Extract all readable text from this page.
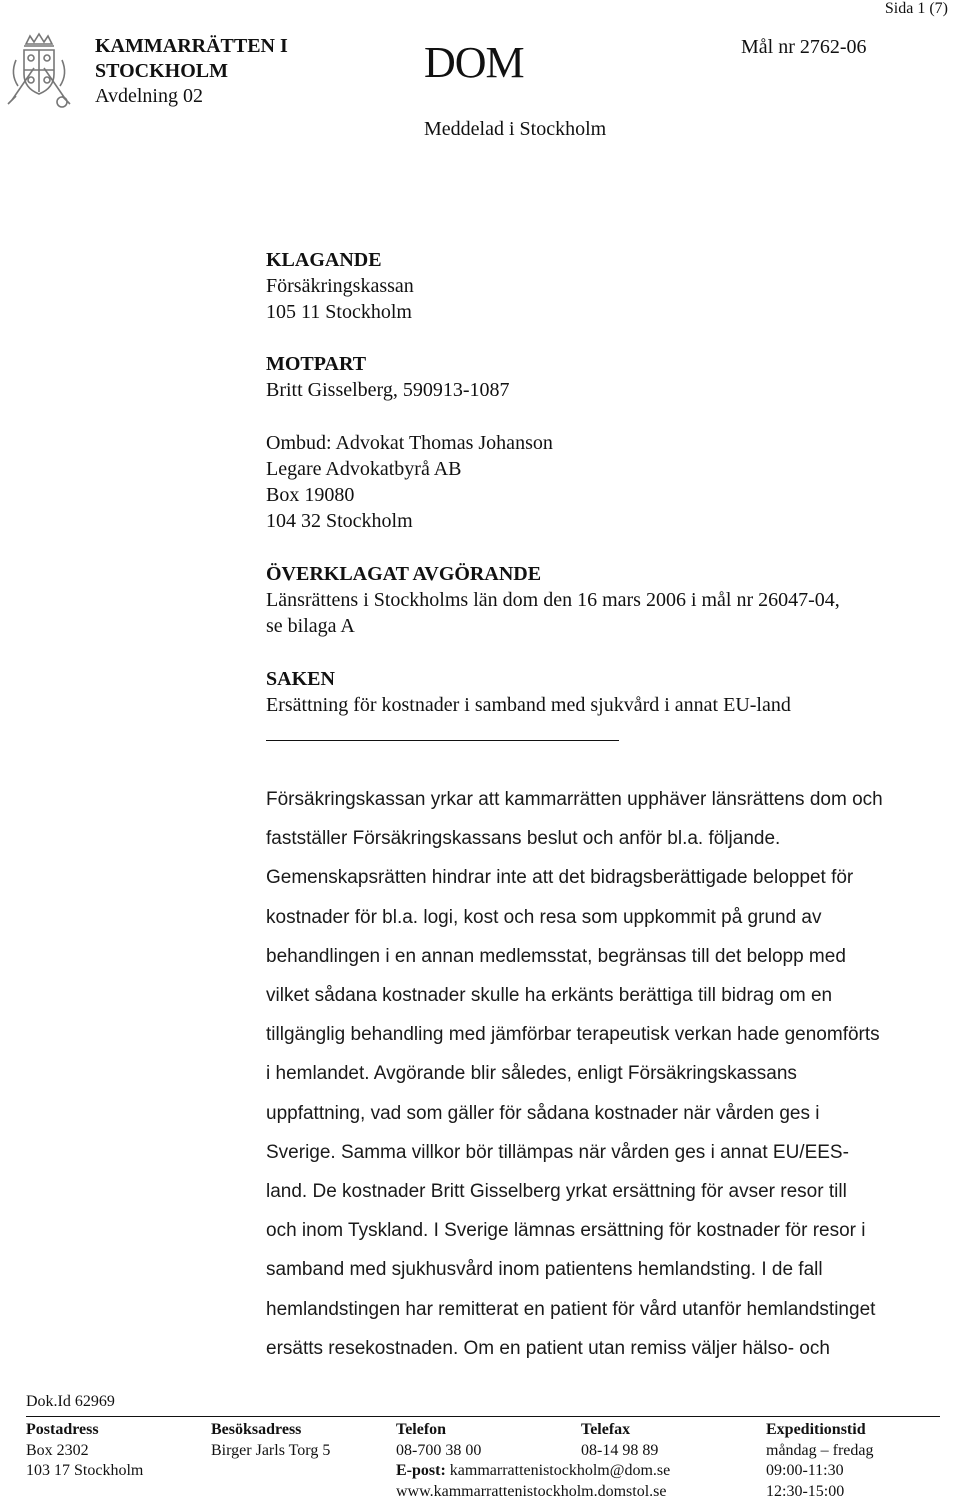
KAMMARRÄTTEN I
STOCKHOLM
Avdelning 02
DOM
Sida 1 (7)
Mål nr 2762-06
Meddelad i Stockholm
KLAGANDE
Försäkringskassan
105 11 Stockholm
MOTPART
Britt Gisselberg, 590913-1087
Ombud: Advokat Thomas Johanson
Legare Advokatbyrå AB
Box 19080
104 32 Stockholm
ÖVERKLAGAT AVGÖRANDE
Länsrättens i Stockholms län dom den 16 mars 2006 i mål nr 26047-04,
se bilaga A
SAKEN
Ersättning för kostnader i samband med sjukvård i annat EU-land
Försäkringskassan yrkar att kammarrätten upphäver länsrättens dom och
fastställer Försäkringskassans beslut och anför bl.a. följande.
Gemenskapsrätten hindrar inte att det bidragsberättigade beloppet för
kostnader för bl.a. logi, kost och resa som uppkommit på grund av
behandlingen i en annan medlemsstat, begränsas till det belopp med
vilket sådana kostnader skulle ha erkänts berättiga till bidrag om en
tillgänglig behandling med jämförbar terapeutisk verkan hade genomförts
i hemlandet. Avgörande blir således, enligt Försäkringskassans
uppfattning, vad som gäller för sådana kostnader när vården ges i
Sverige. Samma villkor bör tillämpas när vården ges i annat EU/EES-
land. De kostnader Britt Gisselberg yrkat ersättning för avser resor till
och inom Tyskland. I Sverige lämnas ersättning för kostnader för resor i
samband med sjukhusvård inom patientens hemlandsting. I de fall
hemlandstingen har remitterat en patient för vård utanför hemlandstinget
ersätts resekostnaden. Om en patient utan remiss väljer hälso- och
Dok.Id 62969
Postadress
Box 2302
103 17 Stockholm
Besöksadress
Birger Jarls Torg 5
Telefon
08-700 38 00
E-post: kammarrattenistockholm@dom.se
www.kammarrattenistockholm.domstol.se
Telefax
08-14 98 89
Expeditionstid
måndag – fredag
09:00-11:30
12:30-15:00
